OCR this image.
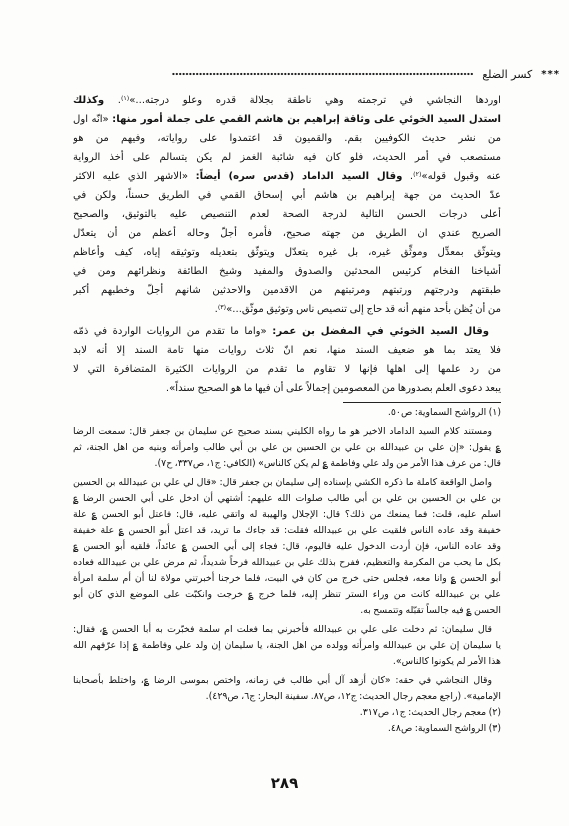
***
كسر الضلع
اوردها النجاشي في ترجمته وهي ناطقة بجلالة قدره وعلو درجته...»$^{(١)}$. وكذلك
استدل السيد الخوئي على وثاقة إبراهيم بن هاشم القمي على جملة أمور منها: «انّه اول
من نشر حديث الكوفيين بقم. والقميون قد اعتمدوا على رواياته، وفيهم من هو
مستصعب في أمر الحديث، فلو كان فيه شائبة الغمز لم يكن يتسالم على أخذ الرواية
عنه وقبول قوله»$^{(٢)}$. وقال السيد الداماد (قدس سره) أيضاً: «الاشهر الذي عليه الاكثر
عدّ الحديث من جهة إبراهيم بن هاشم أبي إسحاق القمي في الطريق حسناً، ولكن في
أعلى درجات الحسن التالية لدرجة الصحة لعدم التنصيص عليه بالتوثيق، والصحيح
الصريح عندي ان الطريق من جهته صحيح، فأمره أجلّ وحاله أعظم من أن يتعدّل
ويتوثّق بمعدِّل وموثِّق غيره، بل غيره يتعدّل ويتوثّق بتعديله وتوثيقه إياه، كيف وأعاظم
أشياخنا الفخام كرئيس المحدثين والصدوق والمفيد وشيخ الطائفة ونظرائهم ومن في
طبقتهم ودرجتهم ورتبتهم ومرتبتهم من الاقدمين والاحدثين شانهم أجلّ وخطبهم أكبر
من أن يُظن بأحد منهم أنه قد حاج إلى تنصيص ناس وتوثيق موثّق...»$^{(٣)}$.
وقال السيد الخوئي في المفضل بن عمر: «واما ما تقدم من الروايات الواردة في ذمّه
فلا يعتد بما هو ضعيف السند منها، نعم انّ ثلاث روايات منها تامة السند إلا أنه لابد
من رد علمها إلى اهلها فإنها لا تقاوم ما تقدم من الروايات الكثيرة المتضافرة التي لا
يبعد دعوى العلم بصدورها من المعصومين إجمالاً على أن فيها ما هو الصحيح سنداً».
(١) الرواشح السماوية: ص٥٠.
ومستند كلام السيد الداماد الاخير هو ما رواه الكليني بسند صحيح عن سليمان بن جعفر قال: سمعت الرضا
؏ يقول: «إن علي بن عبيدالله بن علي بن الحسين بن علي بن أبي طالب وامرأته وبنيه من اهل الجنة، ثم
قال: من عرف هذا الأمر من ولد علي وفاطمة ؏ لم يكن كالناس» (الكافي: ج١، ص٣٣٧، ح٧).
واصل الواقعة كاملة ما ذكره الكشي بإسناده إلى سليمان بن جعفر قال: «قال لي علي بن عبيدالله بن الحسين
بن علي بن الحسين بن علي بن أبي طالب صلوات الله عليهم: أشتهي أن ادخل على أبي الحسن الرضا ؏
اسلم عليه، قلت: فما يمنعك من ذلك؟ قال: الإجلال والهيبة له واتقي عليه، قال: فاعتل أبو الحسن ؏ علة
خفيفة وقد عاده الناس فلقيت علي بن عبيدالله فقلت: قد جاءك ما تريد، قد اعتل أبو الحسن ؏ علة خفيفة
وقد عاده الناس، فإن أردت الدخول عليه فاليوم، قال: فجاء إلى أبي الحسن ؏ عائداً، فلقيه أبو الحسن ؏
بكل ما يحب من المكرمة والتعظيم، ففرح بذلك علي بن عبيدالله فرحاً شديداً، ثم مرض علي بن عبيدالله فعاده
أبو الحسن ؏ وانا معه، فجلس حتى خرج من كان في البيت، فلما خرجنا أخبرتني مولاة لنا أن أم سلمة امرأة
علي بن عبيدالله كانت من وراء الستر تنظر إليه، فلما خرج ؏ خرجت وانكبّت على الموضع الذي كان أبو
الحسن ؏ فيه جالساً تقبّله وتتمسح به.
قال سليمان: ثم دخلت على علي بن عبيدالله فأخبرني بما فعلت ام سلمة فخبّرت به أبا الحسن ؏، فقال:
يا سليمان إن علي بن عبيدالله وامرأته وولده من اهل الجنة، يا سليمان إن ولد علي وفاطمة ؏ إذا عرّفهم الله
هذا الأمر لم يكونوا كالناس».
وقال النجاشي في حقه: «كان أزهد آل أبي طالب في زمانه، واختص بموسى الرضا ؏، واختلط بأصحابنا
الإمامية». (راجع معجم رجال الحديث: ج١٢، ص٨٧. سفينة البحار: ج٦، ص٤٢٩).
(٢) معجم رجال الحديث: ج١، ص٣١٧.
(٣) الرواشح السماوية: ص٤٨.
٢٨٩
